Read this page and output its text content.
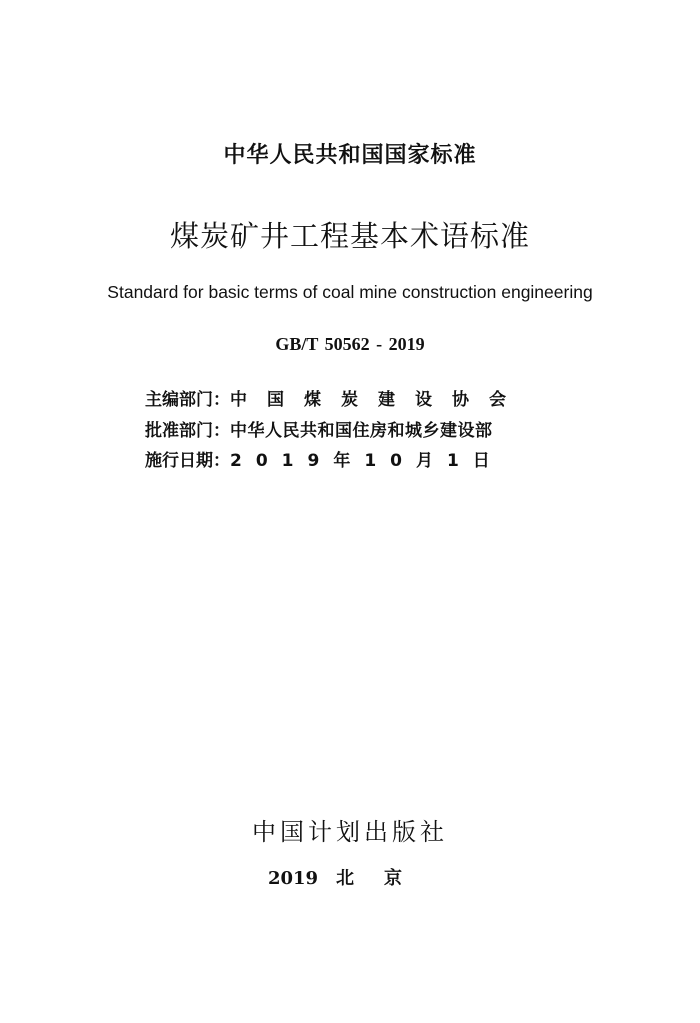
中华人民共和国国家标准
煤炭矿井工程基本术语标准
Standard for basic terms of coal mine construction engineering
GB/T 50562 - 2019
主编部门：中国煤炭建设协会
批准部门：中华人民共和国住房和城乡建设部
施行日期：2019年10月1日
中国计划出版社
2019 北京
